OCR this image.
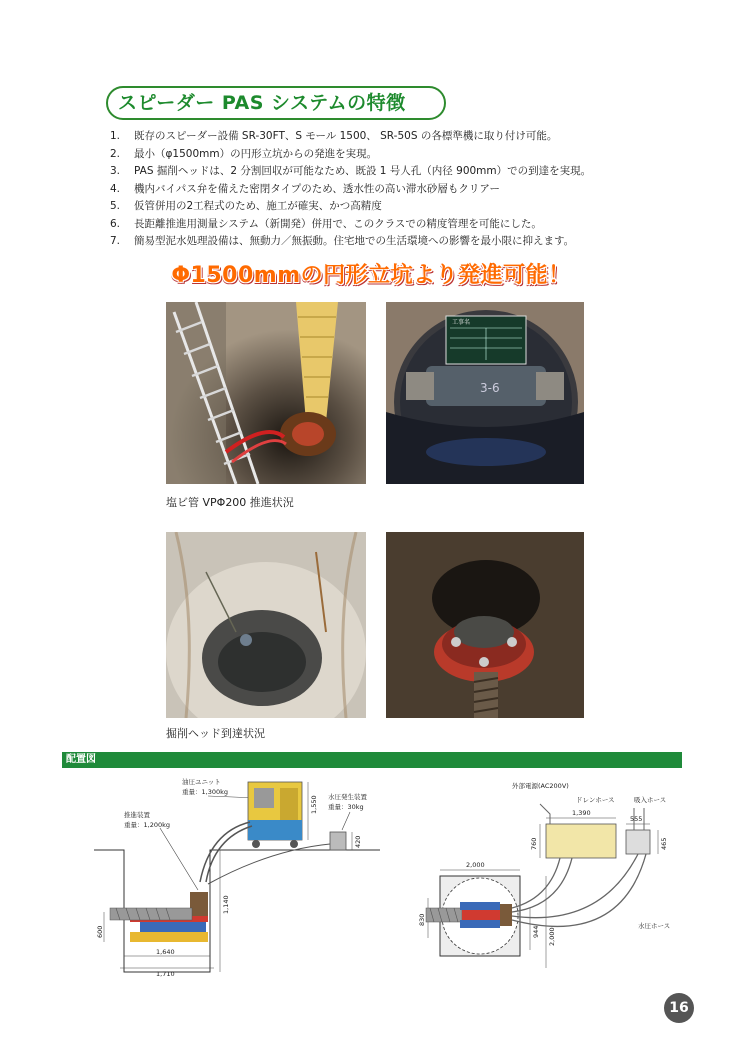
スピーダー PAS システムの特徴
1. 既存のスピーダー設備 SR-30FT、S モール 1500、 SR-50S の各標準機に取り付け可能。
2. 最小（φ1500mm）の円形立坑からの発進を実現。
3. PAS 掘削ヘッドは、2 分割回収が可能なため、既設 1 号人孔（内径 900mm）での到達を実現。
4. 機内バイパス弁を備えた密閉タイプのため、透水性の高い滞水砂層もクリアー
5. 仮管併用の2工程式のため、施工が確実、かつ高精度
6. 長距離推進用測量システム（新開発）併用で、このクラスでの精度管理を可能にした。
7. 簡易型泥水処理設備は、無動力／無振動。住宅地での生活環境への影響を最小限に抑えます。
Φ1500mmの円形立坑より発進可能！
工事名
3-6
塩ビ管 VPΦ200 推進状況
掘削ヘッド到達状況
配置図
油圧ユニット
重量：1,300kg
推進装置
重量：1,200kg
水圧発生装置
重量：30kg
1,550
420
1,140
600
1,640
1,710
外部電源(AC200V)
ドレンホース	吸入ホース
水圧ホース
1,390
555
760	465
2,000
830
944 2,000
16
